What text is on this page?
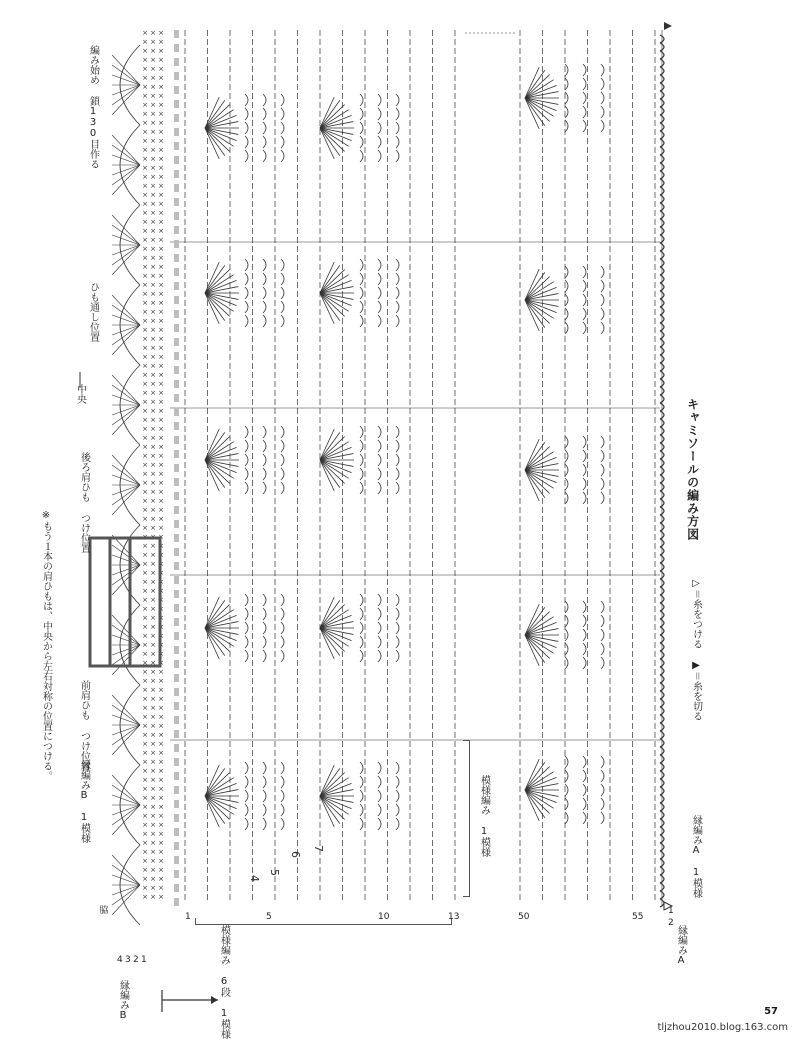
×
×
×
×
×
×
×
×
×
×
×
×
×
×
×
×
×
×
×
×
×
×
×
×
×
×
×
×
×
×
×
×
×
×
×
×
×
×
×
×
×
×
×
×
×
×
×
×
×
×
×
×
×
×
×
×
×
×
×
×
×
×
×
×
×
×
×
×
×
×
×
×
×
×
×
×
×
×
×
×
×
×
×
×
×
×
×
×
×
×
×
×
×
×
×
×
×
×
×
×
×
×
×
×
×
×
×
×
×
×
×
×
×
×
×
×
×
×
×
×
×
×
×
×
×
×
×
×
×
×
×
×
×
×
×
×
×
×
×
×
×
×
×
×
×
×
×
×
×
×
×
×
×
×
×
×
×
×
×
×
×
×
×
×
×
×
×
×
×
×
×
×
×
×
×
×
×
×
×
×
×
×
×
×
×
×
×
×
×
×
×
×
×
×
×
×
×
×
×
×
×
×
×
×
×
×
×
×
×
×
×
×
×
×
×
×
×
×
×
×
×
×
×
×
×
×
×
×
×
×
×
×
×
×
×
×
×
×
×
×
×
×
×
×
×
×
×
×
×
×
×
×
×
×
×
×
×
×
×
×
×
×
×
×
×
×
×
×
×
×
×
×
×
×
×
×
×
×
×
×
×
×
×
×
×
×
×
×
×
×
×
キャミソールの編み方図
▷＝糸をつける
▶＝糸を切る
縁編みA 1模様
編み始め 鎖130目作る
ひも通し位置
中央
後ろ肩ひも つけ位置
前肩ひも つけ位置
縁編みB 1模様
脇
※もう１本の肩ひもは、中央から左右対称の位置につける。
模様編み 1模様
模様編み 6段 1模様	縁編みA
縁編みB
1	5	10	13	50	55
1
2
1
2
3
4
4
5
6
7
57
tljzhou2010.blog.163.com
